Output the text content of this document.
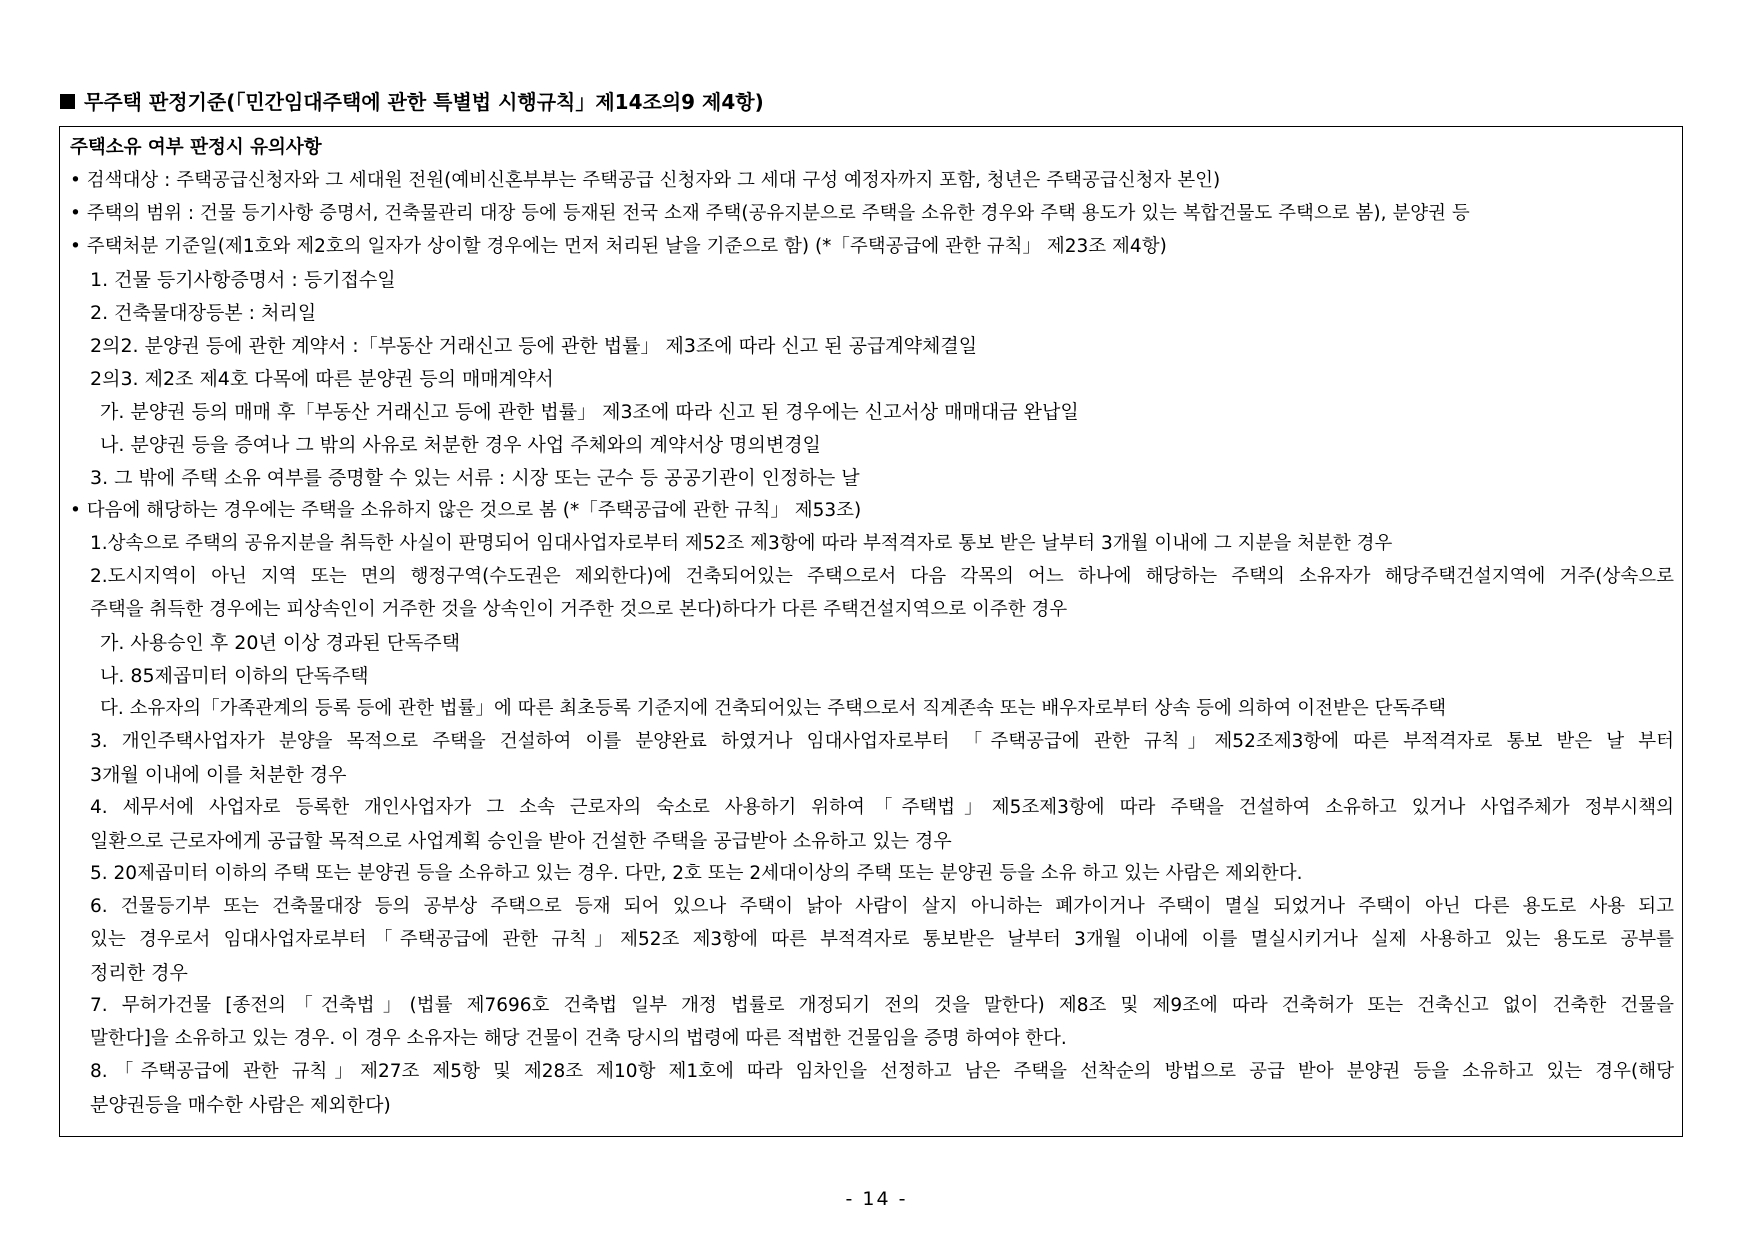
무주택 판정기준(「민간임대주택에 관한 특별법 시행규칙」제14조의9 제4항)
주택소유 여부 판정시 유의사항
• 검색대상 : 주택공급신청자와 그 세대원 전원(예비신혼부부는 주택공급 신청자와 그 세대 구성 예정자까지 포함, 청년은 주택공급신청자 본인)
• 주택의 범위 : 건물 등기사항 증명서, 건축물관리 대장 등에 등재된 전국 소재 주택(공유지분으로 주택을 소유한 경우와 주택 용도가 있는 복합건물도 주택으로 봄), 분양권 등
• 주택처분 기준일(제1호와 제2호의 일자가 상이할 경우에는 먼저 처리된 날을 기준으로 함) (*「주택공급에 관한 규칙」 제23조 제4항)
1. 건물 등기사항증명서 : 등기접수일
2. 건축물대장등본 : 처리일
2의2. 분양권 등에 관한 계약서 :「부동산 거래신고 등에 관한 법률」 제3조에 따라 신고 된 공급계약체결일
2의3. 제2조 제4호 다목에 따른 분양권 등의 매매계약서
가. 분양권 등의 매매 후「부동산 거래신고 등에 관한 법률」 제3조에 따라 신고 된 경우에는 신고서상 매매대금 완납일
나. 분양권 등을 증여나 그 밖의 사유로 처분한 경우 사업 주체와의 계약서상 명의변경일
3. 그 밖에 주택 소유 여부를 증명할 수 있는 서류 : 시장 또는 군수 등 공공기관이 인정하는 날
• 다음에 해당하는 경우에는 주택을 소유하지 않은 것으로 봄 (*「주택공급에 관한 규칙」 제53조)
1.상속으로 주택의 공유지분을 취득한 사실이 판명되어 임대사업자로부터 제52조 제3항에 따라 부적격자로 통보 받은 날부터 3개월 이내에 그 지분을 처분한 경우
2.도시지역이 아닌 지역 또는 면의 행정구역(수도권은 제외한다)에 건축되어있는 주택으로서 다음 각목의 어느 하나에 해당하는 주택의 소유자가 해당주택건설지역에 거주(상속으로
주택을 취득한 경우에는 피상속인이 거주한 것을 상속인이 거주한 것으로 본다)하다가 다른 주택건설지역으로 이주한 경우
가. 사용승인 후 20년 이상 경과된 단독주택
나. 85제곱미터 이하의 단독주택
다. 소유자의「가족관계의 등록 등에 관한 법률」에 따른 최초등록 기준지에 건축되어있는 주택으로서 직계존속 또는 배우자로부터 상속 등에 의하여 이전받은 단독주택
3. 개인주택사업자가 분양을 목적으로 주택을 건설하여 이를 분양완료 하였거나 임대사업자로부터 「주택공급에 관한 규칙」제52조제3항에 따른 부적격자로 통보 받은 날 부터
3개월 이내에 이를 처분한 경우
4. 세무서에 사업자로 등록한 개인사업자가 그 소속 근로자의 숙소로 사용하기 위하여「주택법」제5조제3항에 따라 주택을 건설하여 소유하고 있거나 사업주체가 정부시책의
일환으로 근로자에게 공급할 목적으로 사업계획 승인을 받아 건설한 주택을 공급받아 소유하고 있는 경우
5. 20제곱미터 이하의 주택 또는 분양권 등을 소유하고 있는 경우. 다만, 2호 또는 2세대이상의 주택 또는 분양권 등을 소유 하고 있는 사람은 제외한다.
6. 건물등기부 또는 건축물대장 등의 공부상 주택으로 등재 되어 있으나 주택이 낡아 사람이 살지 아니하는 폐가이거나 주택이 멸실 되었거나 주택이 아닌 다른 용도로 사용 되고
있는 경우로서 임대사업자로부터「주택공급에 관한 규칙」제52조 제3항에 따른 부적격자로 통보받은 날부터 3개월 이내에 이를 멸실시키거나 실제 사용하고 있는 용도로 공부를
정리한 경우
7. 무허가건물 [종전의「건축법」(법률 제7696호 건축법 일부 개정 법률로 개정되기 전의 것을 말한다) 제8조 및 제9조에 따라 건축허가 또는 건축신고 없이 건축한 건물을
말한다]을 소유하고 있는 경우. 이 경우 소유자는 해당 건물이 건축 당시의 법령에 따른 적법한 건물임을 증명 하여야 한다.
8.「주택공급에 관한 규칙」제27조 제5항 및 제28조 제10항 제1호에 따라 임차인을 선정하고 남은 주택을 선착순의 방법으로 공급 받아 분양권 등을 소유하고 있는 경우(해당
분양권등을 매수한 사람은 제외한다)
- 14 -
